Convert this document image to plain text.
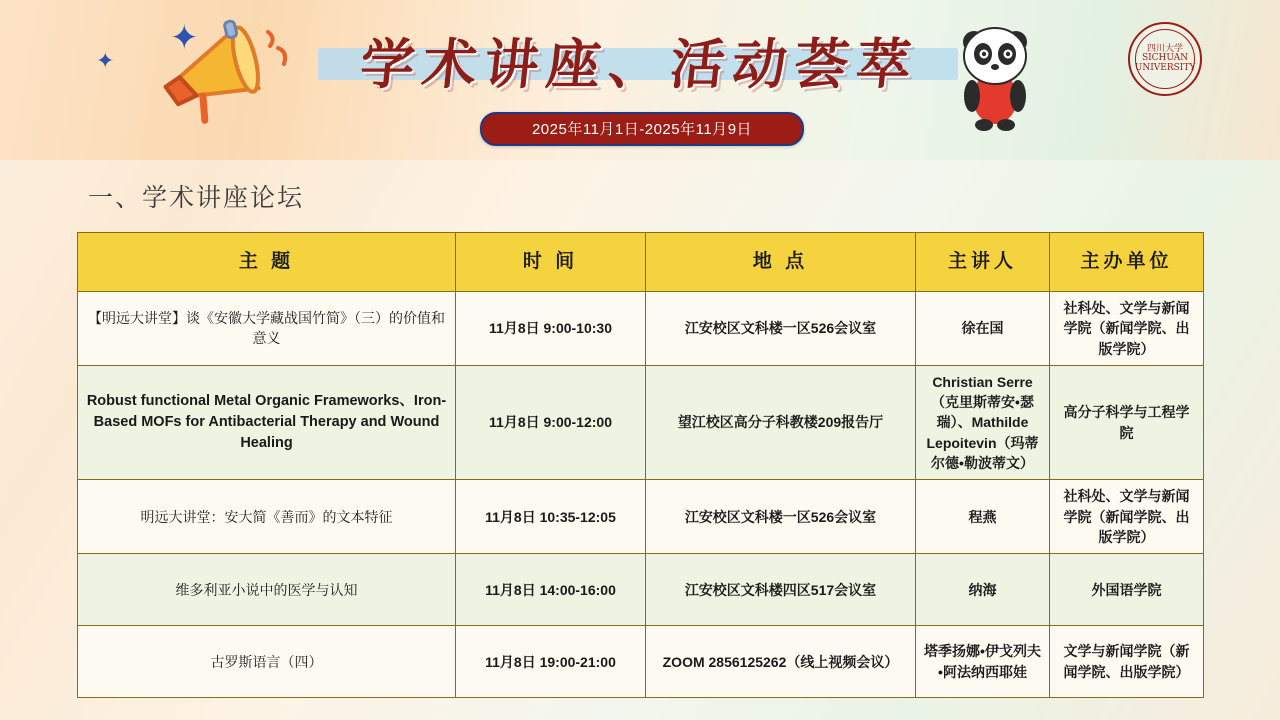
✦
✦	学术讲座、活动荟萃
2025年11月1日-2025年11月9日
四川大学 SICHUAN UNIVERSITY
一、学术讲座论坛
主 题	时 间	地 点	主讲人	主办单位
【明远大讲堂】谈《安徽大学藏战国竹简》（三）的价值和意义	11月8日 9:00-10:30	江安校区文科楼一区526会议室	徐在国	社科处、文学与新闻学院（新闻学院、出版学院）
Robust functional Metal Organic Frameworks、Iron-Based MOFs for Antibacterial Therapy and Wound Healing	11月8日 9:00-12:00	望江校区高分子科教楼209报告厅	Christian Serre（克里斯蒂安•瑟瑞）、Mathilde Lepoitevin（玛蒂尔德•勒波蒂文）	高分子科学与工程学院
明远大讲堂：安大简《善而》的文本特征	11月8日 10:35-12:05	江安校区文科楼一区526会议室	程燕	社科处、文学与新闻学院（新闻学院、出版学院）
维多利亚小说中的医学与认知	11月8日 14:00-16:00	江安校区文科楼四区517会议室	纳海	外国语学院
古罗斯语言（四）	11月8日 19:00-21:00	ZOOM 2856125262（线上视频会议）	塔季扬娜•伊戈列夫•阿法纳西耶娃	文学与新闻学院（新闻学院、出版学院）
